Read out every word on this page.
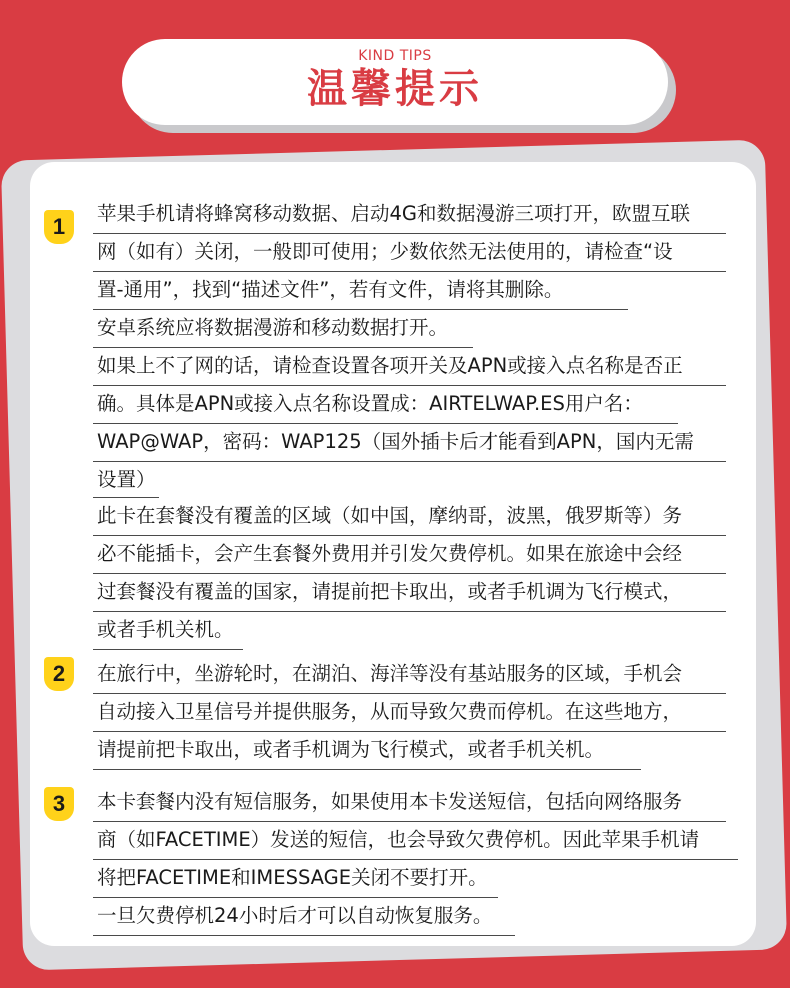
KIND TIPS
温馨提示
1
苹果手机请将蜂窝移动数据、启动4G和数据漫游三项打开，欧盟互联
网（如有）关闭，一般即可使用；少数依然无法使用的，请检查“设
置-通用”，找到“描述文件”，若有文件，请将其删除。
安卓系统应将数据漫游和移动数据打开。
如果上不了网的话，请检查设置各项开关及APN或接入点名称是否正
确。具体是APN或接入点名称设置成：AIRTELWAP.ES用户名：
WAP@WAP，密码：WAP125（国外插卡后才能看到APN，国内无需
设置）
此卡在套餐没有覆盖的区域（如中国，摩纳哥，波黑，俄罗斯等）务
必不能插卡，会产生套餐外费用并引发欠费停机。如果在旅途中会经
过套餐没有覆盖的国家，请提前把卡取出，或者手机调为飞行模式，
或者手机关机。
2	在旅行中，坐游轮时，在湖泊、海洋等没有基站服务的区域，手机会
自动接入卫星信号并提供服务，从而导致欠费而停机。在这些地方，
请提前把卡取出，或者手机调为飞行模式，或者手机关机。
3	本卡套餐内没有短信服务，如果使用本卡发送短信，包括向网络服务
商（如FACETIME）发送的短信，也会导致欠费停机。因此苹果手机请
将把FACETIME和IMESSAGE关闭不要打开。
一旦欠费停机24小时后才可以自动恢复服务。
